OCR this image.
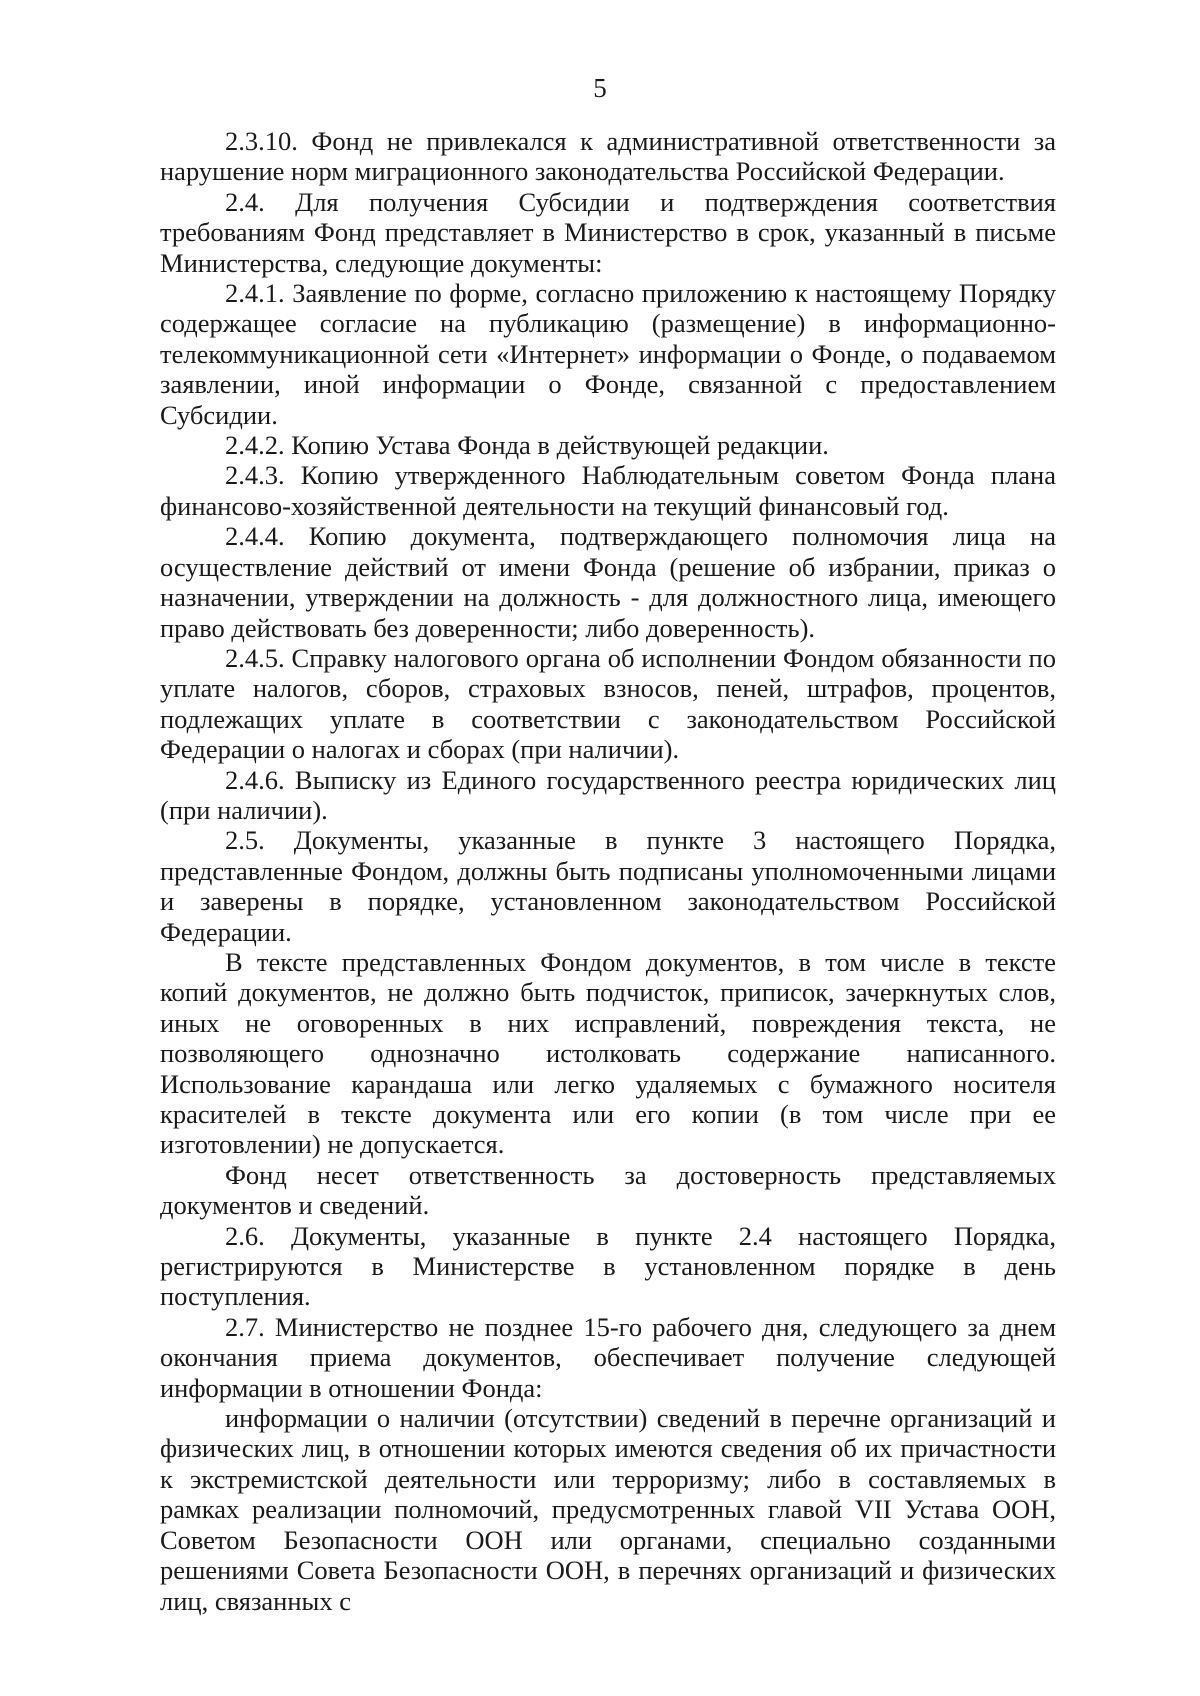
5

2.3.10. Фонд не привлекался к административной ответственности за нарушение норм миграционного законодательства Российской Федерации.

2.4. Для получения Субсидии и подтверждения соответствия требованиям Фонд представляет в Министерство в срок, указанный в письме Министерства, следующие документы:

2.4.1. Заявление по форме, согласно приложению к настоящему Порядку содержащее согласие на публикацию (размещение) в информационно-телекоммуникационной сети «Интернет» информации о Фонде, о подаваемом заявлении, иной информации о Фонде, связанной с предоставлением Субсидии.

2.4.2. Копию Устава Фонда в действующей редакции.

2.4.3. Копию утвержденного Наблюдательным советом Фонда плана финансово-хозяйственной деятельности на текущий финансовый год.

2.4.4. Копию документа, подтверждающего полномочия лица на осуществление действий от имени Фонда (решение об избрании, приказ о назначении, утверждении на должность - для должностного лица, имеющего право действовать без доверенности; либо доверенность).

2.4.5. Справку налогового органа об исполнении Фондом обязанности по уплате налогов, сборов, страховых взносов, пеней, штрафов, процентов, подлежащих уплате в соответствии с законодательством Российской Федерации о налогах и сборах (при наличии).

2.4.6. Выписку из Единого государственного реестра юридических лиц (при наличии).

2.5. Документы, указанные в пункте 3 настоящего Порядка, представленные Фондом, должны быть подписаны уполномоченными лицами и заверены в порядке, установленном законодательством Российской Федерации.

В тексте представленных Фондом документов, в том числе в тексте копий документов, не должно быть подчисток, приписок, зачеркнутых слов, иных не оговоренных в них исправлений, повреждения текста, не позволяющего однозначно истолковать содержание написанного. Использование карандаша или легко удаляемых с бумажного носителя красителей в тексте документа или его копии (в том числе при ее изготовлении) не допускается.

Фонд несет ответственность за достоверность представляемых документов и сведений.

2.6. Документы, указанные в пункте 2.4 настоящего Порядка, регистрируются в Министерстве в установленном порядке в день поступления.

2.7. Министерство не позднее 15-го рабочего дня, следующего за днем окончания приема документов, обеспечивает получение следующей информации в отношении Фонда:

информации о наличии (отсутствии) сведений в перечне организаций и физических лиц, в отношении которых имеются сведения об их причастности к экстремистской деятельности или терроризму; либо в составляемых в рамках реализации полномочий, предусмотренных главой VII Устава ООН, Советом Безопасности ООН или органами, специально созданными решениями Совета Безопасности ООН, в перечнях организаций и физических лиц, связанных с
